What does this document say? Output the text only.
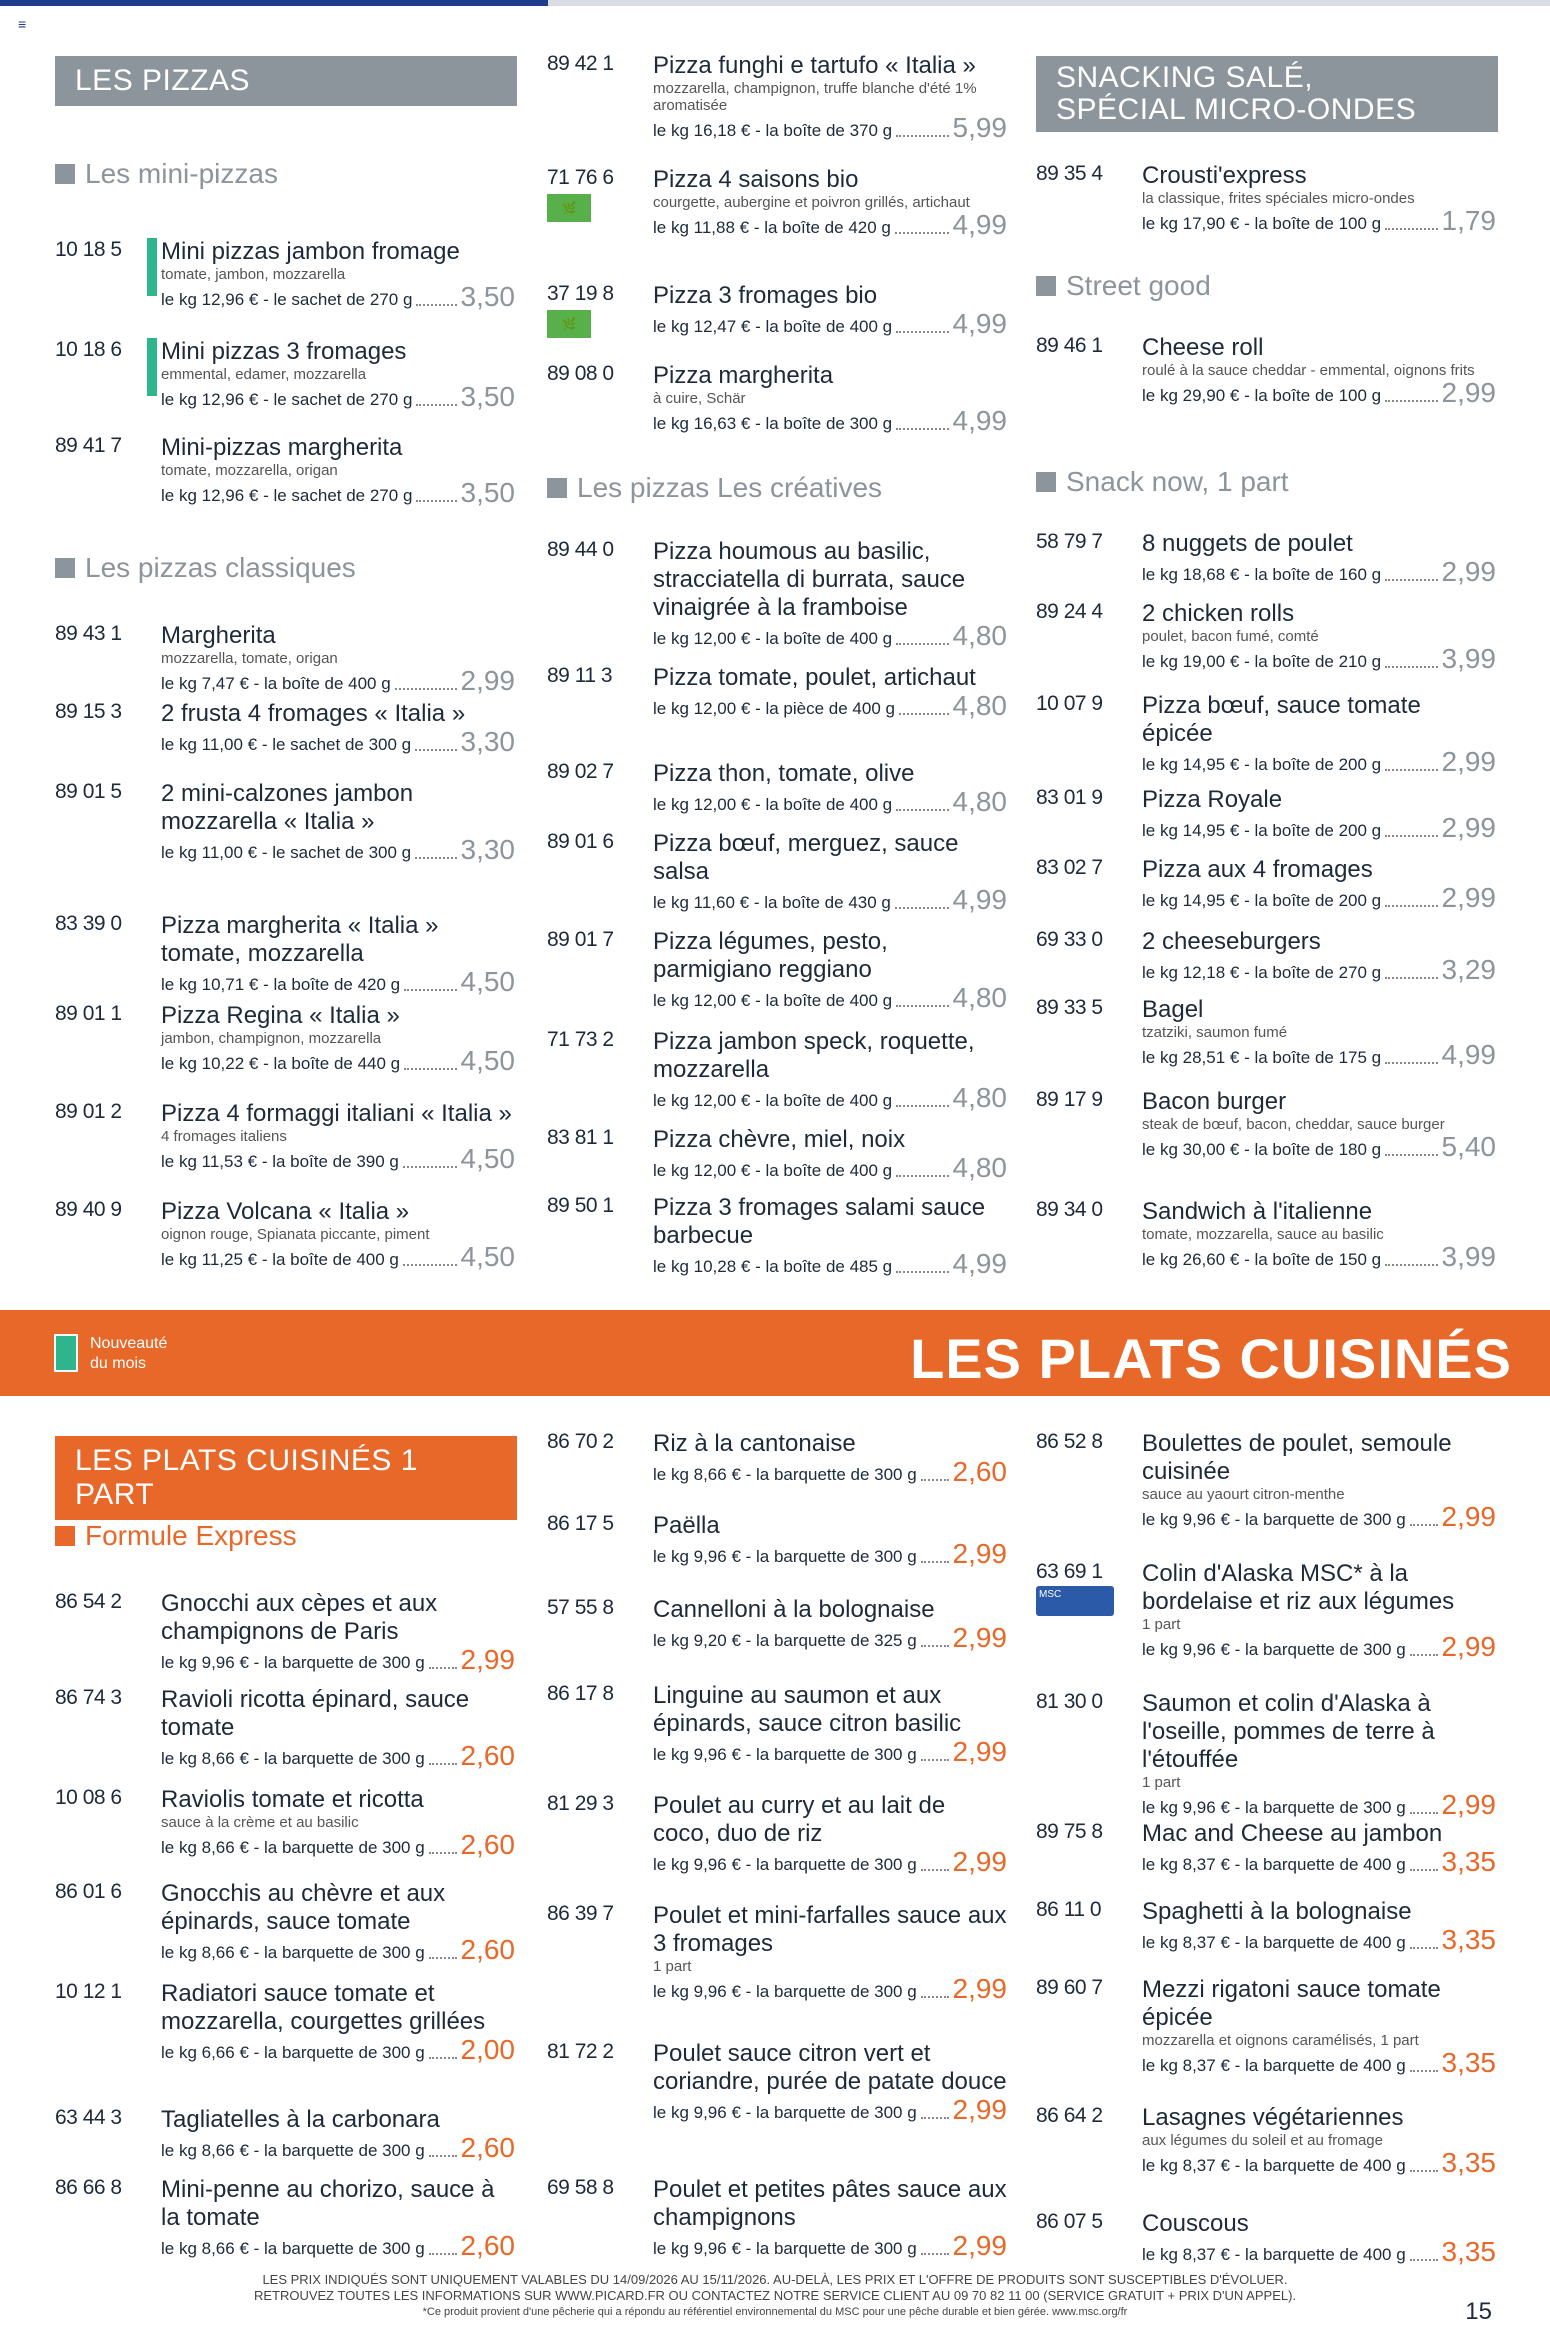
≡
LES PIZZAS
Les mini-pizzas
10 18 5 Mini pizzas jambon fromage
tomate, jambon, mozzarella
le kg 12,96 € - le sachet de 270 g 3,50
10 18 6 Mini pizzas 3 fromages
emmental, edamer, mozzarella
le kg 12,96 € - le sachet de 270 g 3,50
89 41 7 Mini-pizzas margherita
tomate, mozzarella, origan
le kg 12,96 € - le sachet de 270 g 3,50
Les pizzas classiques
89 43 1 Margherita
mozzarella, tomate, origan
le kg 7,47 € - la boîte de 400 g 2,99
89 15 3 2 frusta 4 fromages « Italia »
le kg 11,00 € - le sachet de 300 g 3,30
89 01 5 2 mini-calzones jambon mozzarella « Italia »
le kg 11,00 € - le sachet de 300 g 3,30
83 39 0 Pizza margherita « Italia » tomate, mozzarella
le kg 10,71 € - la boîte de 420 g 4,50
89 01 1 Pizza Regina « Italia »
jambon, champignon, mozzarella
le kg 10,22 € - la boîte de 440 g 4,50
89 01 2 Pizza 4 formaggi italiani « Italia »
4 fromages italiens
le kg 11,53 € - la boîte de 390 g 4,50
89 40 9 Pizza Volcana « Italia »
oignon rouge, Spianata piccante, piment
le kg 11,25 € - la boîte de 400 g 4,50
89 42 1 Pizza funghi e tartufo « Italia »
mozzarella, champignon, truffe blanche d'été 1% aromatisée
le kg 16,18 € - la boîte de 370 g 5,99
71 76 6
🌿
Pizza 4 saisons bio
courgette, aubergine et poivron grillés, artichaut
le kg 11,88 € - la boîte de 420 g 4,99
37 19 8
🌿
Pizza 3 fromages bio
le kg 12,47 € - la boîte de 400 g 4,99
89 08 0 Pizza margherita
à cuire, Schär
le kg 16,63 € - la boîte de 300 g 4,99
Les pizzas Les créatives
89 44 0 Pizza houmous au basilic, stracciatella di burrata, sauce vinaigrée à la framboise
le kg 12,00 € - la boîte de 400 g 4,80
89 11 3 Pizza tomate, poulet, artichaut
le kg 12,00 € - la pièce de 400 g 4,80
89 02 7 Pizza thon, tomate, olive
le kg 12,00 € - la boîte de 400 g 4,80
89 01 6 Pizza bœuf, merguez, sauce salsa
le kg 11,60 € - la boîte de 430 g 4,99
89 01 7 Pizza légumes, pesto, parmigiano reggiano
le kg 12,00 € - la boîte de 400 g 4,80
71 73 2 Pizza jambon speck, roquette, mozzarella
le kg 12,00 € - la boîte de 400 g 4,80
83 81 1 Pizza chèvre, miel, noix
le kg 12,00 € - la boîte de 400 g 4,80
89 50 1 Pizza 3 fromages salami sauce barbecue
le kg 10,28 € - la boîte de 485 g 4,99
SNACKING SALÉ,
SPÉCIAL MICRO-ONDES
89 35 4 Crousti'express
la classique, frites spéciales micro-ondes
le kg 17,90 € - la boîte de 100 g 1,79
Street good
89 46 1 Cheese roll
roulé à la sauce cheddar - emmental, oignons frits
le kg 29,90 € - la boîte de 100 g 2,99
Snack now, 1 part
58 79 7 8 nuggets de poulet
le kg 18,68 € - la boîte de 160 g 2,99
89 24 4 2 chicken rolls
poulet, bacon fumé, comté
le kg 19,00 € - la boîte de 210 g 3,99
10 07 9 Pizza bœuf, sauce tomate épicée
le kg 14,95 € - la boîte de 200 g 2,99
83 01 9 Pizza Royale
le kg 14,95 € - la boîte de 200 g 2,99
83 02 7 Pizza aux 4 fromages
le kg 14,95 € - la boîte de 200 g 2,99
69 33 0 2 cheeseburgers
le kg 12,18 € - la boîte de 270 g 3,29
89 33 5 Bagel
tzatziki, saumon fumé
le kg 28,51 € - la boîte de 175 g 4,99
89 17 9 Bacon burger
steak de bœuf, bacon, cheddar, sauce burger
le kg 30,00 € - la boîte de 180 g 5,40
89 34 0 Sandwich à l'italienne
tomate, mozzarella, sauce au basilic
le kg 26,60 € - la boîte de 150 g 3,99
Nouveauté
du mois	LES PLATS CUISINÉS
LES PLATS CUISINÉS 1 PART
Formule Express
86 54 2 Gnocchi aux cèpes et aux champignons de Paris
le kg 9,96 € - la barquette de 300 g 2,99
86 74 3 Ravioli ricotta épinard, sauce tomate
le kg 8,66 € - la barquette de 300 g 2,60
10 08 6 Raviolis tomate et ricotta
sauce à la crème et au basilic
le kg 8,66 € - la barquette de 300 g 2,60
86 01 6 Gnocchis au chèvre et aux épinards, sauce tomate
le kg 8,66 € - la barquette de 300 g 2,60
10 12 1 Radiatori sauce tomate et mozzarella, courgettes grillées
le kg 6,66 € - la barquette de 300 g 2,00
63 44 3 Tagliatelles à la carbonara
le kg 8,66 € - la barquette de 300 g 2,60
86 66 8 Mini-penne au chorizo, sauce à la tomate
le kg 8,66 € - la barquette de 300 g 2,60
86 70 2 Riz à la cantonaise
le kg 8,66 € - la barquette de 300 g 2,60
86 17 5 Paëlla
le kg 9,96 € - la barquette de 300 g 2,99
57 55 8 Cannelloni à la bolognaise
le kg 9,20 € - la barquette de 325 g 2,99
86 17 8 Linguine au saumon et aux épinards, sauce citron basilic
le kg 9,96 € - la barquette de 300 g 2,99
81 29 3 Poulet au curry et au lait de coco, duo de riz
le kg 9,96 € - la barquette de 300 g 2,99
86 39 7 Poulet et mini-farfalles sauce aux 3 fromages
1 part
le kg 9,96 € - la barquette de 300 g 2,99
81 72 2 Poulet sauce citron vert et coriandre, purée de patate douce
le kg 9,96 € - la barquette de 300 g 2,99
69 58 8 Poulet et petites pâtes sauce aux champignons
le kg 9,96 € - la barquette de 300 g 2,99
86 52 8 Boulettes de poulet, semoule cuisinée
sauce au yaourt citron-menthe
le kg 9,96 € - la barquette de 300 g 2,99
63 69 1
MSC
Colin d'Alaska MSC* à la bordelaise et riz aux légumes
1 part
le kg 9,96 € - la barquette de 300 g 2,99
81 30 0 Saumon et colin d'Alaska à l'oseille, pommes de terre à l'étouffée
1 part
le kg 9,96 € - la barquette de 300 g 2,99
89 75 8 Mac and Cheese au jambon
le kg 8,37 € - la barquette de 400 g 3,35
86 11 0 Spaghetti à la bolognaise
le kg 8,37 € - la barquette de 400 g 3,35
89 60 7 Mezzi rigatoni sauce tomate épicée
mozzarella et oignons caramélisés, 1 part
le kg 8,37 € - la barquette de 400 g 3,35
86 64 2 Lasagnes végétariennes
aux légumes du soleil et au fromage
le kg 8,37 € - la barquette de 400 g 3,35
86 07 5 Couscous
le kg 8,37 € - la barquette de 400 g 3,35
LES PRIX INDIQUÉS SONT UNIQUEMENT VALABLES DU 14/09/2026 AU 15/11/2026. AU-DELÀ, LES PRIX ET L'OFFRE DE PRODUITS SONT SUSCEPTIBLES D'ÉVOLUER.
RETROUVEZ TOUTES LES INFORMATIONS SUR WWW.PICARD.FR OU CONTACTEZ NOTRE SERVICE CLIENT AU 09 70 82 11 00 (SERVICE GRATUIT + PRIX D'UN APPEL).
*Ce produit provient d'une pêcherie qui a répondu au référentiel environnemental du MSC pour une pêche durable et bien gérée. www.msc.org/fr	15
